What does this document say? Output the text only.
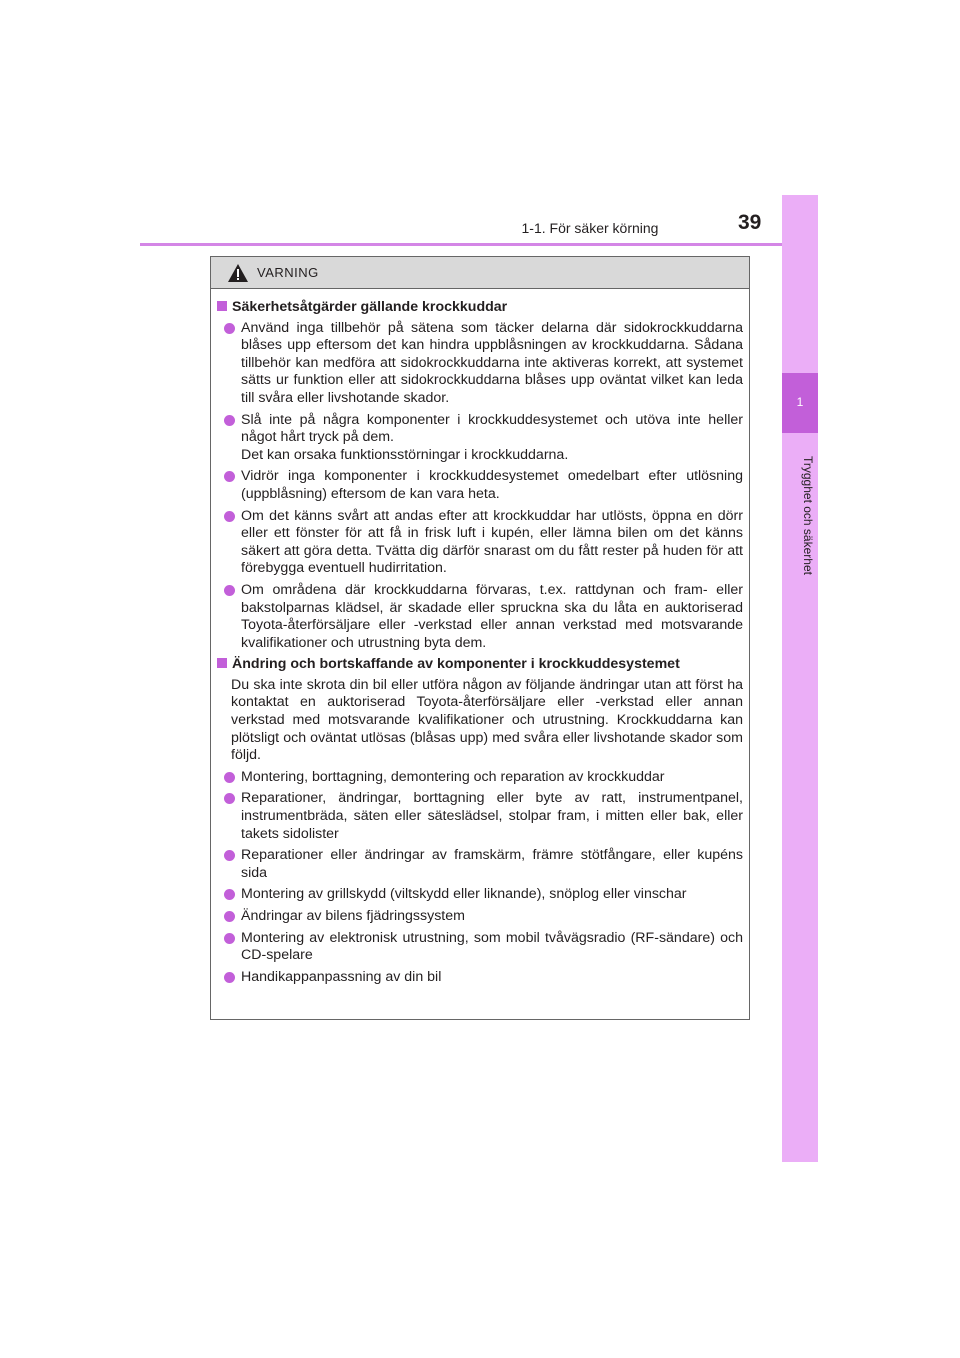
1-1. För säker körning	39
1
Trygghet och säkerhet
VARNING
Säkerhetsåtgärder gällande krockkuddar
Använd inga tillbehör på sätena som täcker delarna där sidokrockkuddarna blåses upp eftersom det kan hindra uppblåsningen av krockkuddarna. Sådana tillbehör kan medföra att sidokrockkuddarna inte aktiveras korrekt, att systemet sätts ur funktion eller att sidokrockkuddarna blåses upp oväntat vilket kan leda till svåra eller livshotande skador.
Slå inte på några komponenter i krockkuddesystemet och utöva inte heller något hårt tryck på dem.
Det kan orsaka funktionsstörningar i krockkuddarna.
Vidrör inga komponenter i krockkuddesystemet omedelbart efter utlösning (uppblåsning) eftersom de kan vara heta.
Om det känns svårt att andas efter att krockkuddar har utlösts, öppna en dörr eller ett fönster för att få in frisk luft i kupén, eller lämna bilen om det känns säkert att göra detta. Tvätta dig därför snarast om du fått rester på huden för att förebygga eventuell hudirritation.
Om områdena där krockkuddarna förvaras, t.ex. rattdynan och fram- eller bakstolparnas klädsel, är skadade eller spruckna ska du låta en auktoriserad Toyota-återförsäljare eller -verkstad eller annan verkstad med motsvarande kvalifikationer och utrustning byta dem.
Ändring och bortskaffande av komponenter i krockkuddesystemet
Du ska inte skrota din bil eller utföra någon av följande ändringar utan att först ha kontaktat en auktoriserad Toyota-återförsäljare eller -verkstad eller annan verkstad med motsvarande kvalifikationer och utrustning. Krockkuddarna kan plötsligt och oväntat utlösas (blåsas upp) med svåra eller livshotande skador som följd.
Montering, borttagning, demontering och reparation av krockkuddar
Reparationer, ändringar, borttagning eller byte av ratt, instrumentpanel, instrumentbräda, säten eller säteslädsel, stolpar fram, i mitten eller bak, eller takets sidolister
Reparationer eller ändringar av framskärm, främre stötfångare, eller kupéns sida
Montering av grillskydd (viltskydd eller liknande), snöplog eller vinschar
Ändringar av bilens fjädringssystem
Montering av elektronisk utrustning, som mobil tvåvägsradio (RF-sändare) och CD-spelare
Handikappanpassning av din bil
